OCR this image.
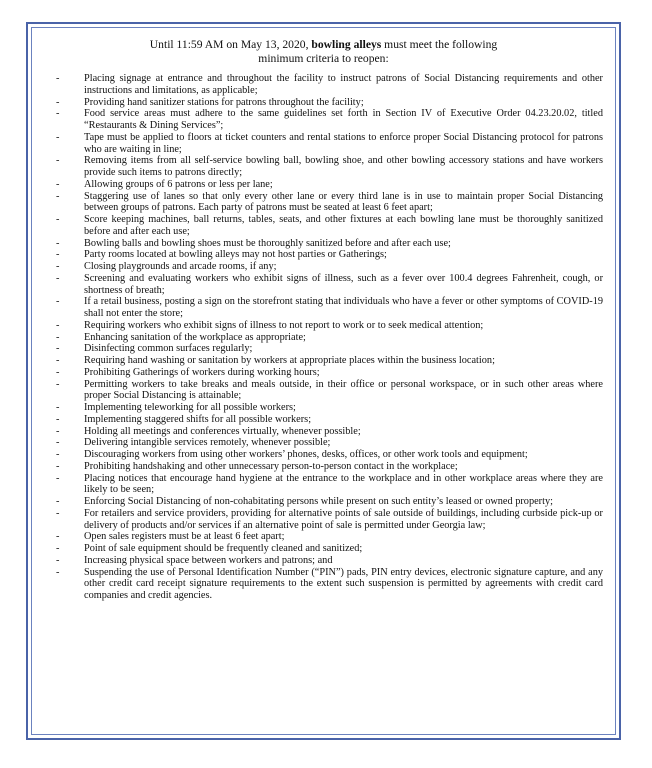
Until 11:59 AM on May 13, 2020, bowling alleys must meet the following
minimum criteria to reopen:

- Placing signage at entrance and throughout the facility to instruct patrons of Social Distancing requirements and other instructions and limitations, as applicable;
- Providing hand sanitizer stations for patrons throughout the facility;
- Food service areas must adhere to the same guidelines set forth in Section IV of Executive Order 04.23.20.02, titled “Restaurants & Dining Services”;
- Tape must be applied to floors at ticket counters and rental stations to enforce proper Social Distancing protocol for patrons who are waiting in line;
- Removing items from all self-service bowling ball, bowling shoe, and other bowling accessory stations and have workers provide such items to patrons directly;
- Allowing groups of 6 patrons or less per lane;
- Staggering use of lanes so that only every other lane or every third lane is in use to maintain proper Social Distancing between groups of patrons. Each party of patrons must be seated at least 6 feet apart;
- Score keeping machines, ball returns, tables, seats, and other fixtures at each bowling lane must be thoroughly sanitized before and after each use;
- Bowling balls and bowling shoes must be thoroughly sanitized before and after each use;
- Party rooms located at bowling alleys may not host parties or Gatherings;
- Closing playgrounds and arcade rooms, if any;
- Screening and evaluating workers who exhibit signs of illness, such as a fever over 100.4 degrees Fahrenheit, cough, or shortness of breath;
- If a retail business, posting a sign on the storefront stating that individuals who have a fever or other symptoms of COVID-19 shall not enter the store;
- Requiring workers who exhibit signs of illness to not report to work or to seek medical attention;
- Enhancing sanitation of the workplace as appropriate;
- Disinfecting common surfaces regularly;
- Requiring hand washing or sanitation by workers at appropriate places within the business location;
- Prohibiting Gatherings of workers during working hours;
- Permitting workers to take breaks and meals outside, in their office or personal workspace, or in such other areas where proper Social Distancing is attainable;
- Implementing teleworking for all possible workers;
- Implementing staggered shifts for all possible workers;
- Holding all meetings and conferences virtually, whenever possible;
- Delivering intangible services remotely, whenever possible;
- Discouraging workers from using other workers’ phones, desks, offices, or other work tools and equipment;
- Prohibiting handshaking and other unnecessary person-to-person contact in the workplace;
- Placing notices that encourage hand hygiene at the entrance to the workplace and in other workplace areas where they are likely to be seen;
- Enforcing Social Distancing of non-cohabitating persons while present on such entity’s leased or owned property;
- For retailers and service providers, providing for alternative points of sale outside of buildings, including curbside pick-up or delivery of products and/or services if an alternative point of sale is permitted under Georgia law;
- Open sales registers must be at least 6 feet apart;
- Point of sale equipment should be frequently cleaned and sanitized;
- Increasing physical space between workers and patrons; and
- Suspending the use of Personal Identification Number (“PIN”) pads, PIN entry devices, electronic signature capture, and any other credit card receipt signature requirements to the extent such suspension is permitted by agreements with credit card companies and credit agencies.
